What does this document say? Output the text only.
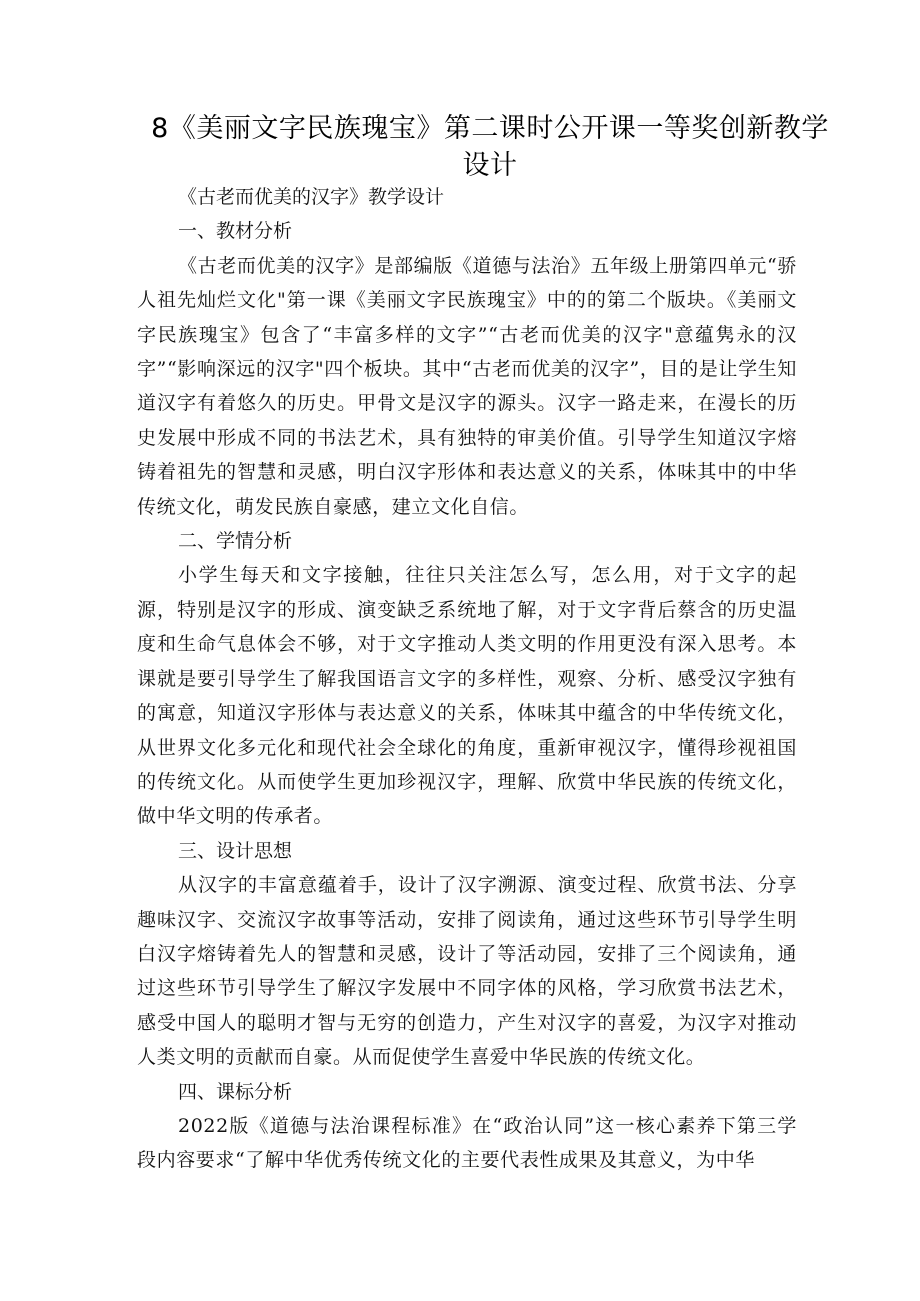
8《美丽文字民族瑰宝》第二课时公开课一等奖创新教学设计

《古老而优美的汉字》教学设计

一、教材分析

《古老而优美的汉字》是部编版《道德与法治》五年级上册第四单元“骄人祖先灿烂文化"第一课《美丽文字民族瑰宝》中的的第二个版块。《美丽文字民族瑰宝》包含了“丰富多样的文字”“古老而优美的汉字"意蕴隽永的汉字”“影响深远的汉字"四个板块。其中“古老而优美的汉字”，目的是让学生知道汉字有着悠久的历史。甲骨文是汉字的源头。汉字一路走来，在漫长的历史发展中形成不同的书法艺术，具有独特的审美价值。引导学生知道汉字熔铸着祖先的智慧和灵感，明白汉字形体和表达意义的关系，体味其中的中华传统文化，萌发民族自豪感，建立文化自信。

二、学情分析

小学生每天和文字接触，往往只关注怎么写，怎么用，对于文字的起源，特别是汉字的形成、演变缺乏系统地了解，对于文字背后蔡含的历史温度和生命气息体会不够，对于文字推动人类文明的作用更没有深入思考。本课就是要引导学生了解我国语言文字的多样性，观察、分析、感受汉字独有的寓意，知道汉字形体与表达意义的关系，体味其中蕴含的中华传统文化，从世界文化多元化和现代社会全球化的角度，重新审视汉字，懂得珍视祖国的传统文化。从而使学生更加珍视汉字，理解、欣赏中华民族的传统文化，做中华文明的传承者。

三、设计思想

从汉字的丰富意蕴着手，设计了汉字溯源、演变过程、欣赏书法、分享趣味汉字、交流汉字故事等活动，安排了阅读角，通过这些环节引导学生明白汉字熔铸着先人的智慧和灵感，设计了等活动园，安排了三个阅读角，通过这些环节引导学生了解汉字发展中不同字体的风格，学习欣赏书法艺术，感受中国人的聪明才智与无穷的创造力，产生对汉字的喜爱，为汉字对推动人类文明的贡献而自豪。从而促使学生喜爱中华民族的传统文化。

四、课标分析

2022版《道德与法治课程标准》在“政治认同”这一核心素养下第三学段内容要求“了解中华优秀传统文化的主要代表性成果及其意义，为中华
